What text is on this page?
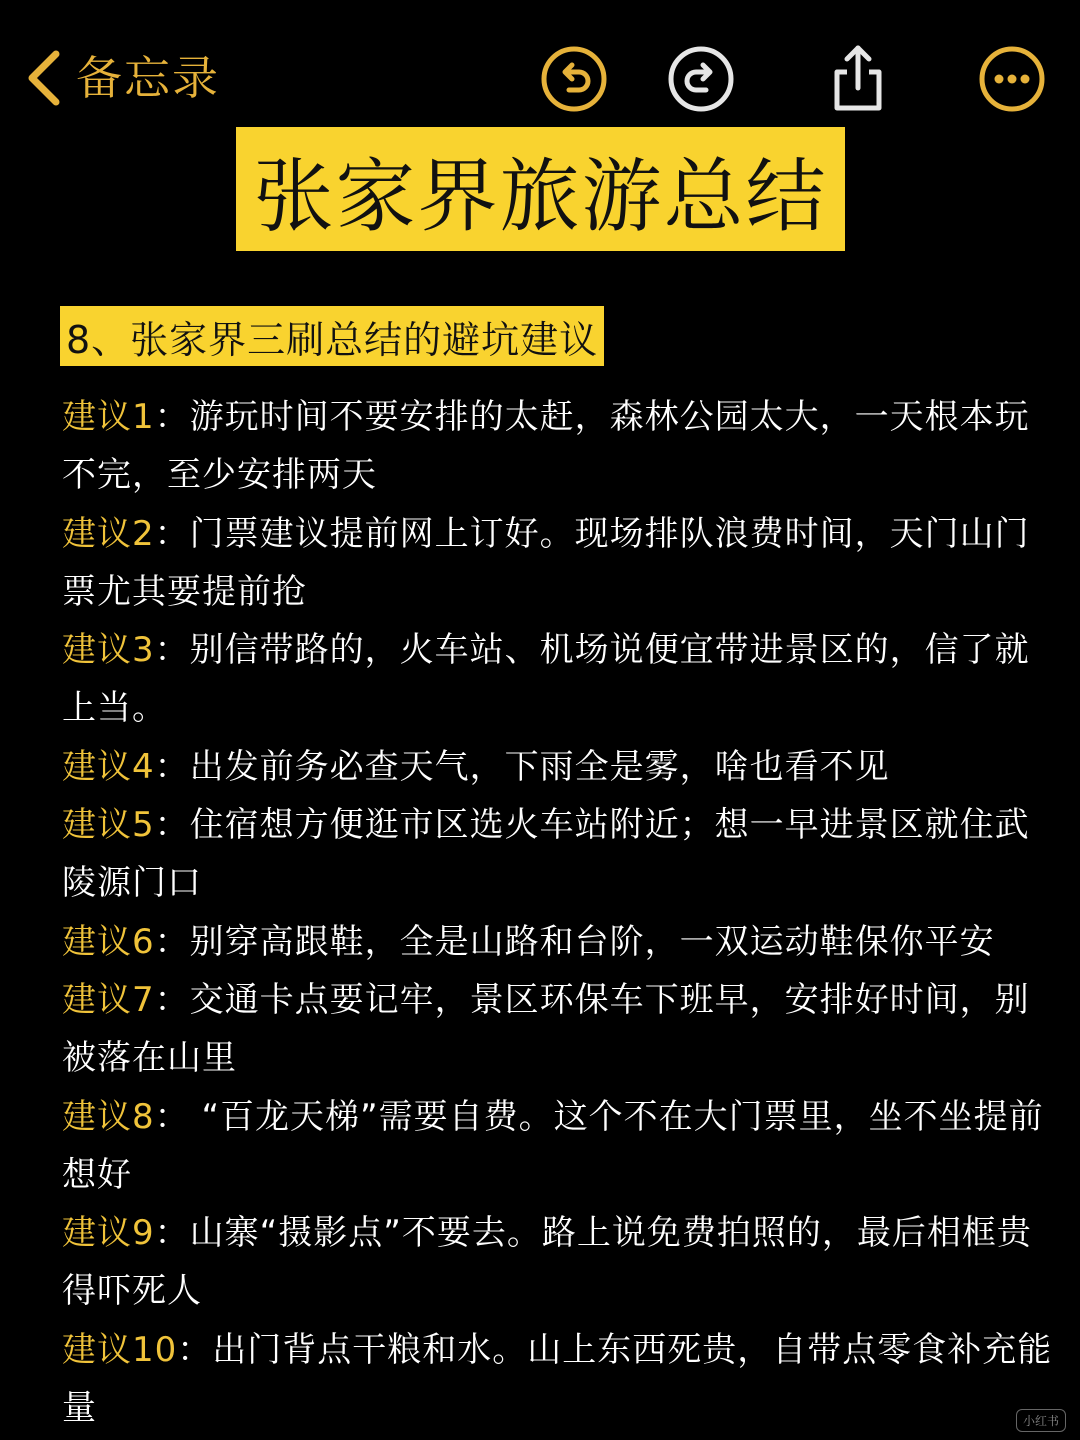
备忘录
张家界旅游总结
8、张家界三刷总结的避坑建议
建议1：游玩时间不要安排的太赶，森林公园太大，一天根本玩不完，至少安排两天
建议2：门票建议提前网上订好。现场排队浪费时间，天门山门票尤其要提前抢
建议3：别信带路的，火车站、机场说便宜带进景区的，信了就上当。
建议4：出发前务必查天气，下雨全是雾，啥也看不见
建议5：住宿想方便逛市区选火车站附近；想一早进景区就住武陵源门口
建议6：别穿高跟鞋，全是山路和台阶，一双运动鞋保你平安
建议7：交通卡点要记牢，景区环保车下班早，安排好时间，别被落在山里
建议8： “百龙天梯”需要自费。这个不在大门票里，坐不坐提前想好
建议9：山寨“摄影点”不要去。路上说免费拍照的，最后相框贵得吓死人
建议10：出门背点干粮和水。山上东西死贵，自带点零食补充能量	小红书
